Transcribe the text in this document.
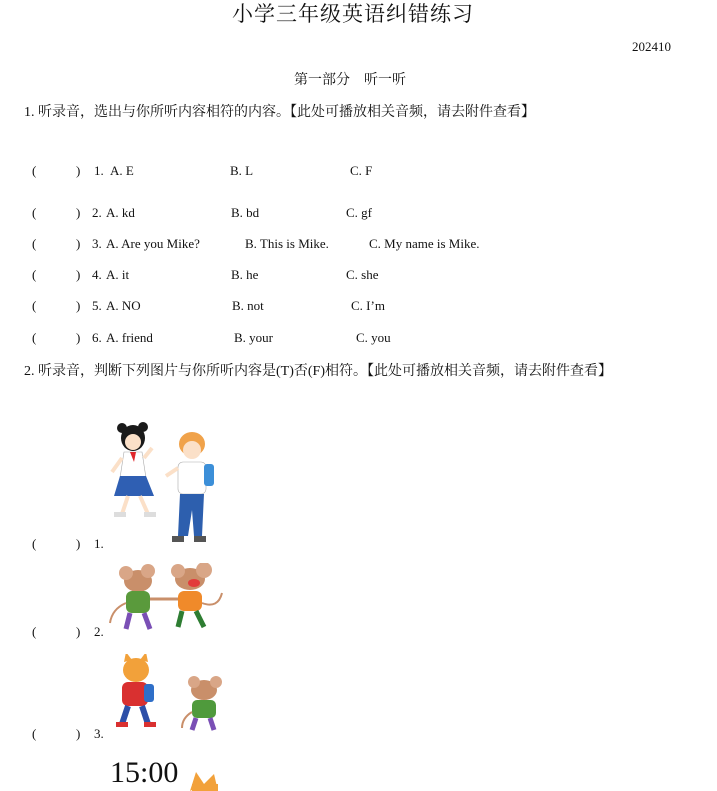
小学三年级英语纠错练习
202410
第一部分　听一听
1. 听录音，选出与你所听内容相符的内容。【此处可播放相关音频，请去附件查看】
(	) 1. A. E	B. L	C. F
(	) 2. A. kd	B. bd	C. gf
(	) 3. A. Are you Mike?	B. This is Mike.	C. My name is Mike.
(	) 4. A. it	B. he	C. she
(	) 5. A. NO	B. not	C. I’m
(	) 6. A. friend	B. your	C. you
2. 听录音，判断下列图片与你所听内容是(T)否(F)相符。【此处可播放相关音频，请去附件查看】
(	) 1.
(	) 2.
(	) 3.
15:00
